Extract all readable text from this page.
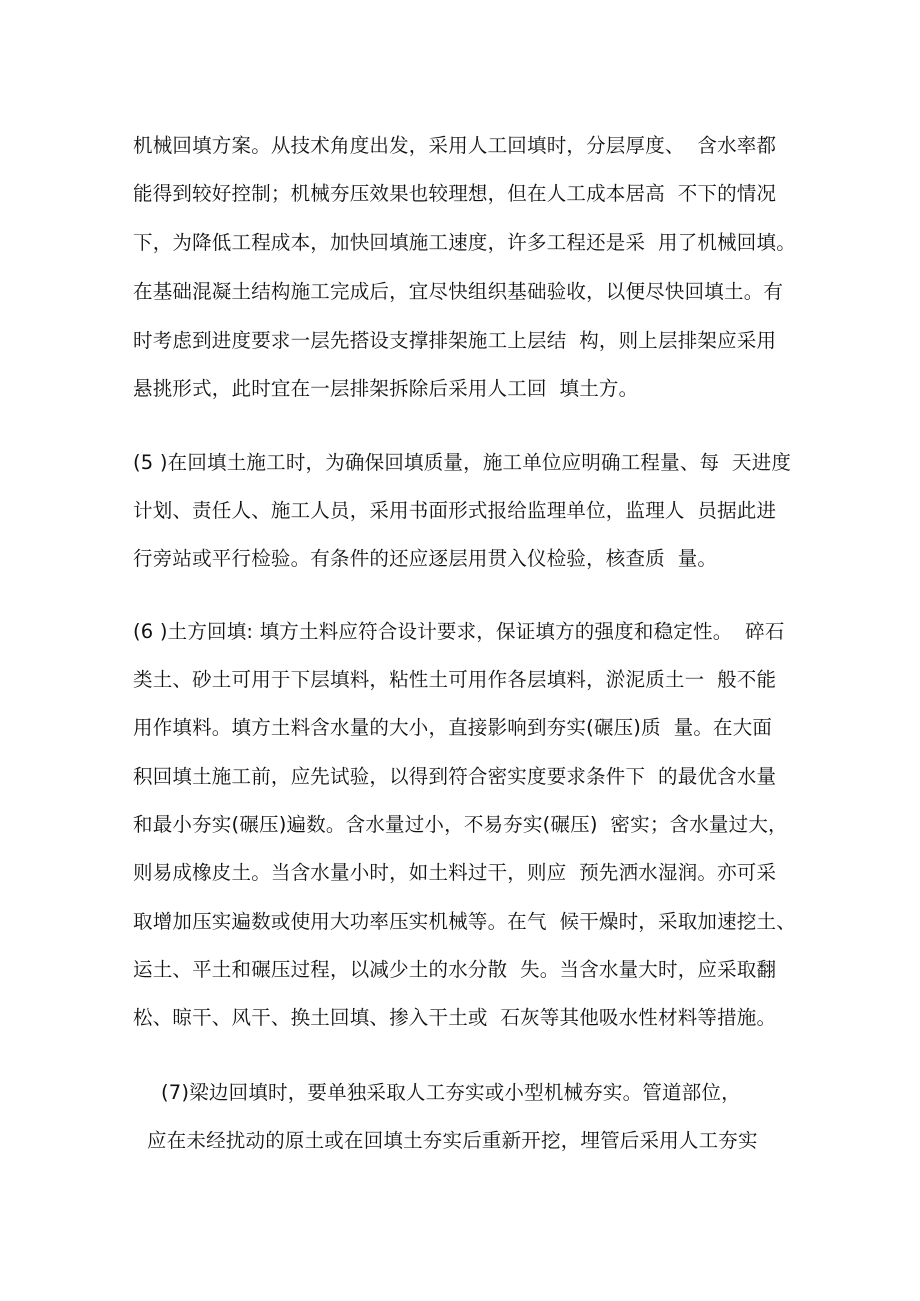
机械回填方案。从技术角度出发，采用人工回填时，分层厚度、  含水率都
能得到较好控制；机械夯压效果也较理想，但在人工成本居高  不下的情况
下，为降低工程成本，加快回填施工速度，许多工程还是采  用了机械回填。
在基础混凝土结构施工完成后，宜尽快组织基础验收，以便尽快回填土。有
时考虑到进度要求一层先搭设支撑排架施工上层结  构，则上层排架应采用
悬挑形式，此时宜在一层排架拆除后采用人工回  填土方。
(5 )在回填土施工时，为确保回填质量，施工单位应明确工程量、每  天进度
计划、责任人、施工人员，采用书面形式报给监理单位，监理人  员据此进
行旁站或平行检验。有条件的还应逐层用贯入仪检验，核查质  量。
(6 )土方回填: 填方土料应符合设计要求，保证填方的强度和稳定性。  碎石
类土、砂土可用于下层填料，粘性土可用作各层填料，淤泥质土一  般不能
用作填料。填方土料含水量的大小，直接影响到夯实(碾压)质  量。在大面
积回填土施工前，应先试验，以得到符合密实度要求条件下  的最优含水量
和最小夯实(碾压)遍数。含水量过小，不易夯实(碾压)  密实；含水量过大，
则易成橡皮土。当含水量小时，如土料过干，则应  预先洒水湿润。亦可采
取增加压实遍数或使用大功率压实机械等。在气  候干燥时，采取加速挖土、
运土、平土和碾压过程，以减少土的水分散  失。当含水量大时，应采取翻
松、晾干、风干、换土回填、掺入干土或  石灰等其他吸水性材料等措施。
(7)梁边回填时，要单独采取人工夯实或小型机械夯实。管道部位，
应在未经扰动的原土或在回填土夯实后重新开挖，埋管后采用人工夯实
